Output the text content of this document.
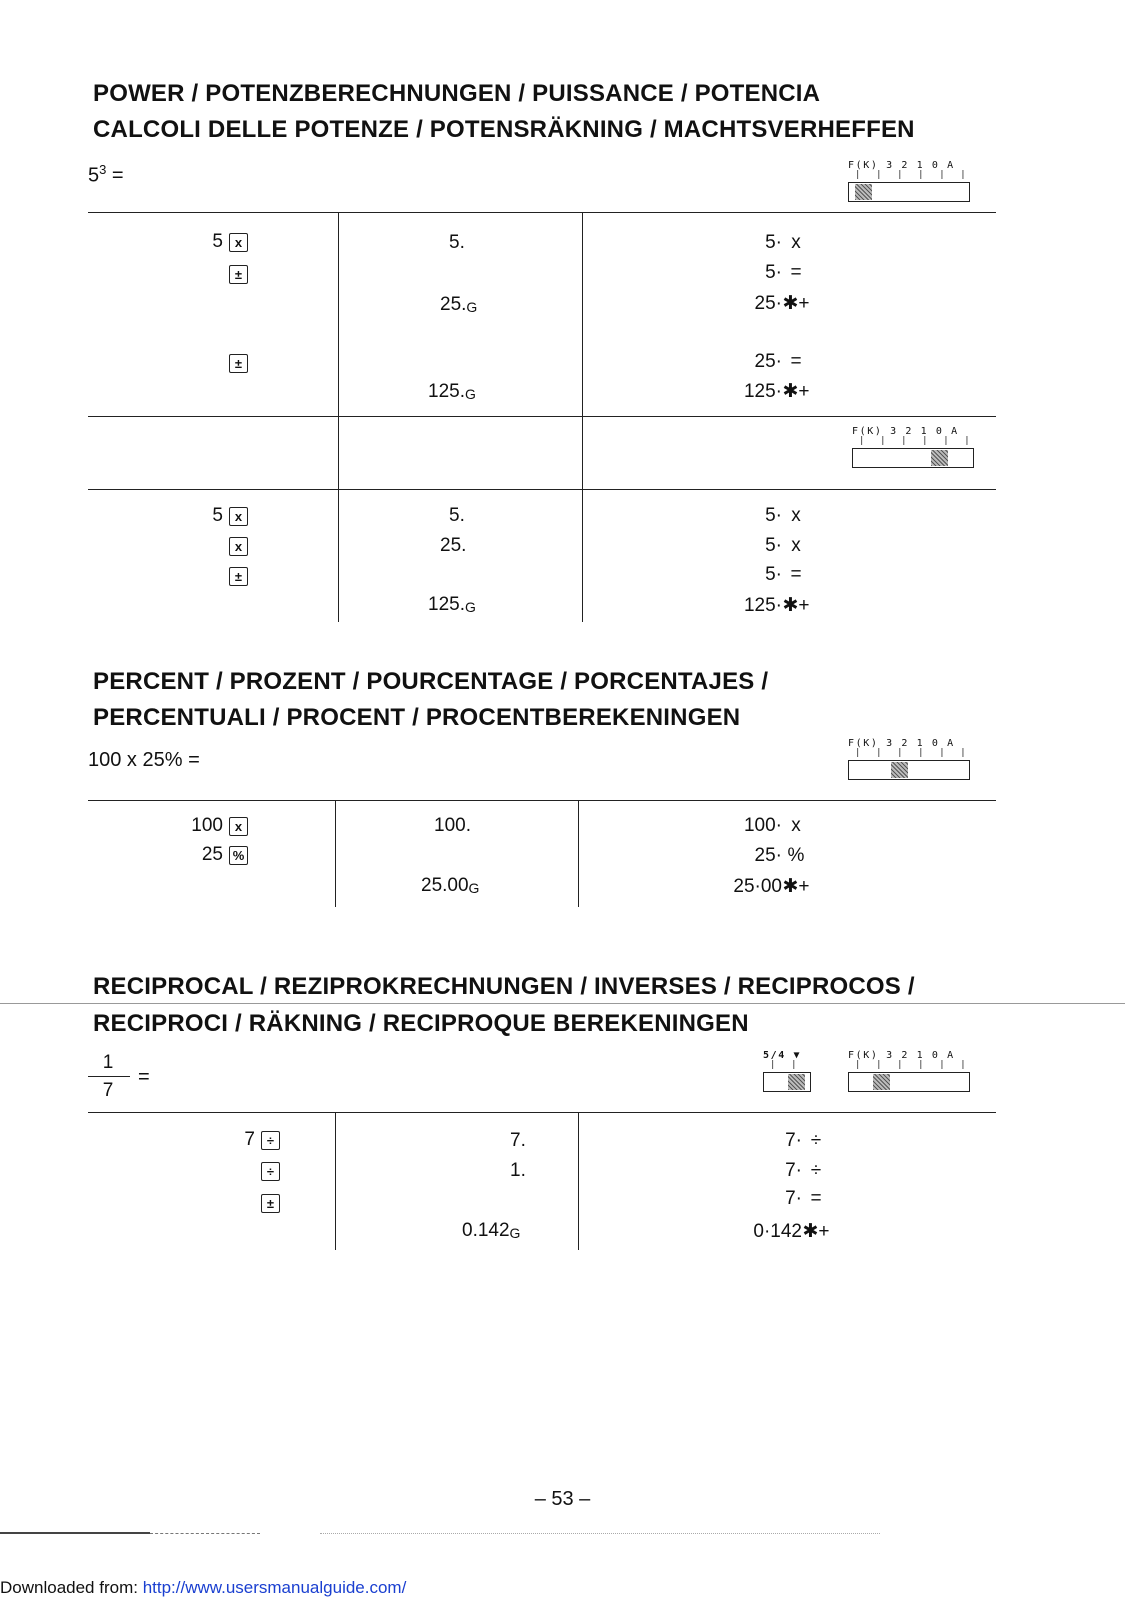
POWER / POTENZBERECHNUNGEN / PUISSANCE / POTENCIA
CALCOLI DELLE POTENZE / POTENSRÄKNING / MACHTSVERHEFFEN
$5^3$ =	F(K) 3 2 1 0 A
|  |  |  |  |  |
5 x
±
±
5.
25.G
125.G
5· x
5· =
25·✱+
25· =
125·✱+
F(K) 3 2 1 0 A
|  |  |  |  |  |
5 x
x
±
5.
25.
125.G
5· x
5· x
5· =
125·✱+
PERCENT / PROZENT / POURCENTAGE / PORCENTAJES /
PERCENTUALI / PROCENT / PROCENTBEREKENINGEN
100 x 25% =
F(K) 3 2 1 0 A
|  |  |  |  |  |
100 x
25 %
100.
25.00G
100· x
25· %
25·00✱+
RECIPROCAL / REZIPROKRECHNUNGEN / INVERSES / RECIPROCOS /
RECIPROCI / RÄKNING / RECIPROQUE BEREKENINGEN
1
7
=
5/4 ▼
|  |
F(K) 3 2 1 0 A
|  |  |  |  |  |
7 ÷
÷
±
7.
1.
0.142G
7· ÷
7· ÷
7· =
0·142✱+
– 53 –
Downloaded from: http://www.usersmanualguide.com/
